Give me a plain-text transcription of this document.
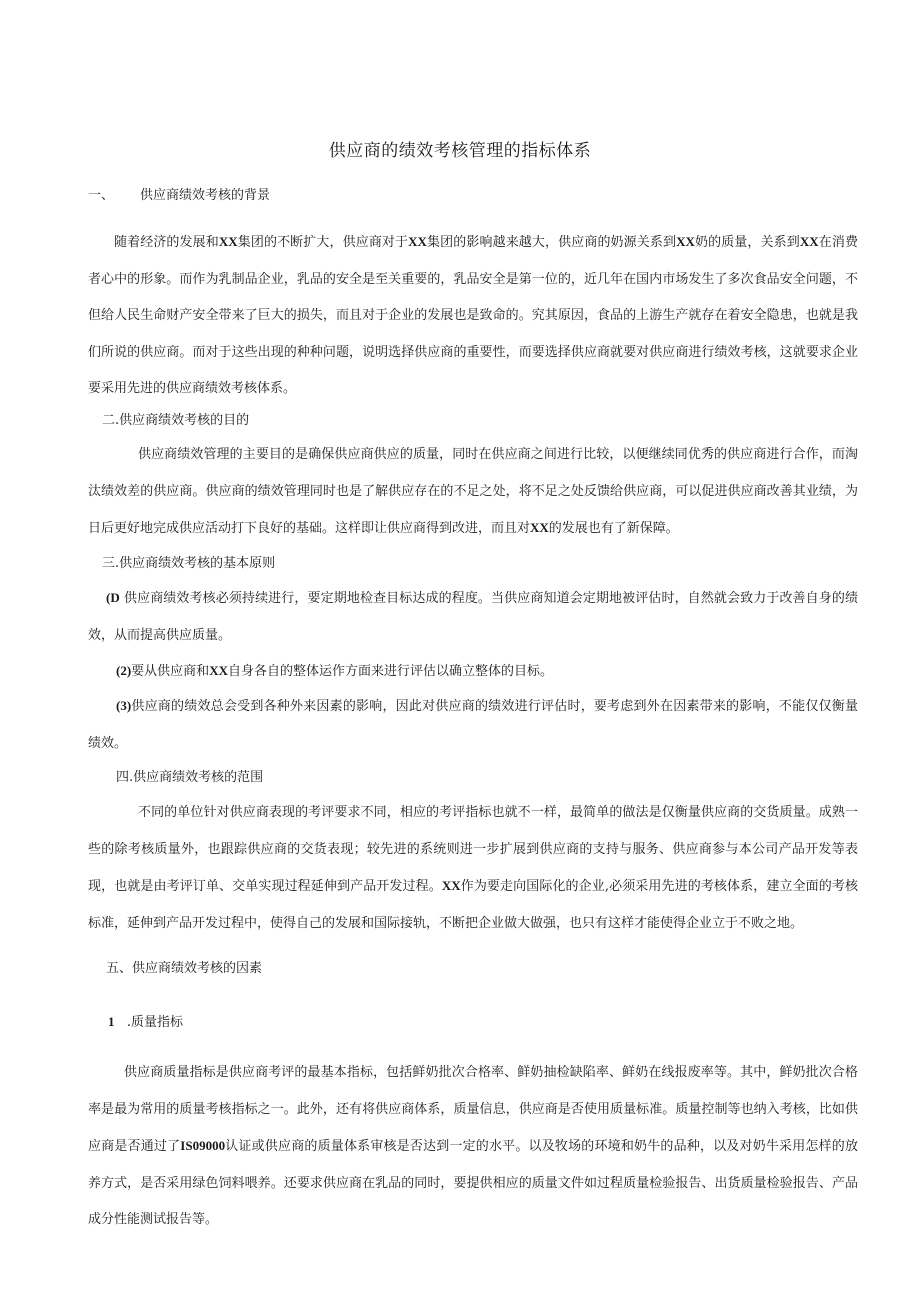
供应商的绩效考核管理的指标体系
一、 供应商绩效考核的背景

随着经济的发展和XX集团的不断扩大，供应商对于XX集团的影响越来越大，供应商的奶源关系到XX奶的质量，关系到XX在消费者心中的形象。而作为乳制品企业，乳品的安全是至关重要的，乳品安全是第一位的，近几年在国内市场发生了多次食品安全问题，不但给人民生命财产安全带来了巨大的损失，而且对于企业的发展也是致命的。究其原因，食品的上游生产就存在着安全隐患，也就是我们所说的供应商。而对于这些出现的种种问题，说明选择供应商的重要性，而要选择供应商就要对供应商进行绩效考核，这就要求企业要采用先进的供应商绩效考核体系。

二.供应商绩效考核的目的

供应商绩效管理的主要目的是确保供应商供应的质量，同时在供应商之间进行比较，以便继续同优秀的供应商进行合作，而淘汰绩效差的供应商。供应商的绩效管理同时也是了解供应存在的不足之处，将不足之处反馈给供应商，可以促进供应商改善其业绩，为日后更好地完成供应活动打下良好的基础。这样即让供应商得到改进，而且对XX的发展也有了新保障。

三.供应商绩效考核的基本原则

(D 供应商绩效考核必须持续进行，要定期地检查目标达成的程度。当供应商知道会定期地被评估时，自然就会致力于改善自身的绩效，从而提高供应质量。

(2)要从供应商和XX自身各自的整体运作方面来进行评估以确立整体的目标。

(3)供应商的绩效总会受到各种外来因素的影响，因此对供应商的绩效进行评估时，要考虑到外在因素带来的影响，不能仅仅衡量绩效。

四.供应商绩效考核的范围

不同的单位针对供应商表现的考评要求不同，相应的考评指标也就不一样，最简单的做法是仅衡量供应商的交货质量。成熟一些的除考核质量外，也跟踪供应商的交货表现；较先进的系统则进一步扩展到供应商的支持与服务、供应商参与本公司产品开发等表现，也就是由考评订单、交单实现过程延伸到产品开发过程。XX作为要走向国际化的企业,必须采用先进的考核体系，建立全面的考核标准，延伸到产品开发过程中，使得自己的发展和国际接轨，不断把企业做大做强，也只有这样才能使得企业立于不败之地。

五、供应商绩效考核的因素
1 .质量指标

供应商质量指标是供应商考评的最基本指标，包括鲜奶批次合格率、鲜奶抽检缺陷率、鲜奶在线报废率等。其中，鲜奶批次合格率是最为常用的质量考核指标之一。此外，还有将供应商体系，质量信息，供应商是否使用质量标准。质量控制等也纳入考核，比如供应商是否通过了IS09000认证或供应商的质量体系审核是否达到一定的水平。以及牧场的环境和奶牛的品种，以及对奶牛采用怎样的放养方式，是否采用绿色饲料喂养。还要求供应商在乳品的同时，要提供相应的质量文件如过程质量检验报告、出货质量检验报告、产品成分性能测试报告等。
